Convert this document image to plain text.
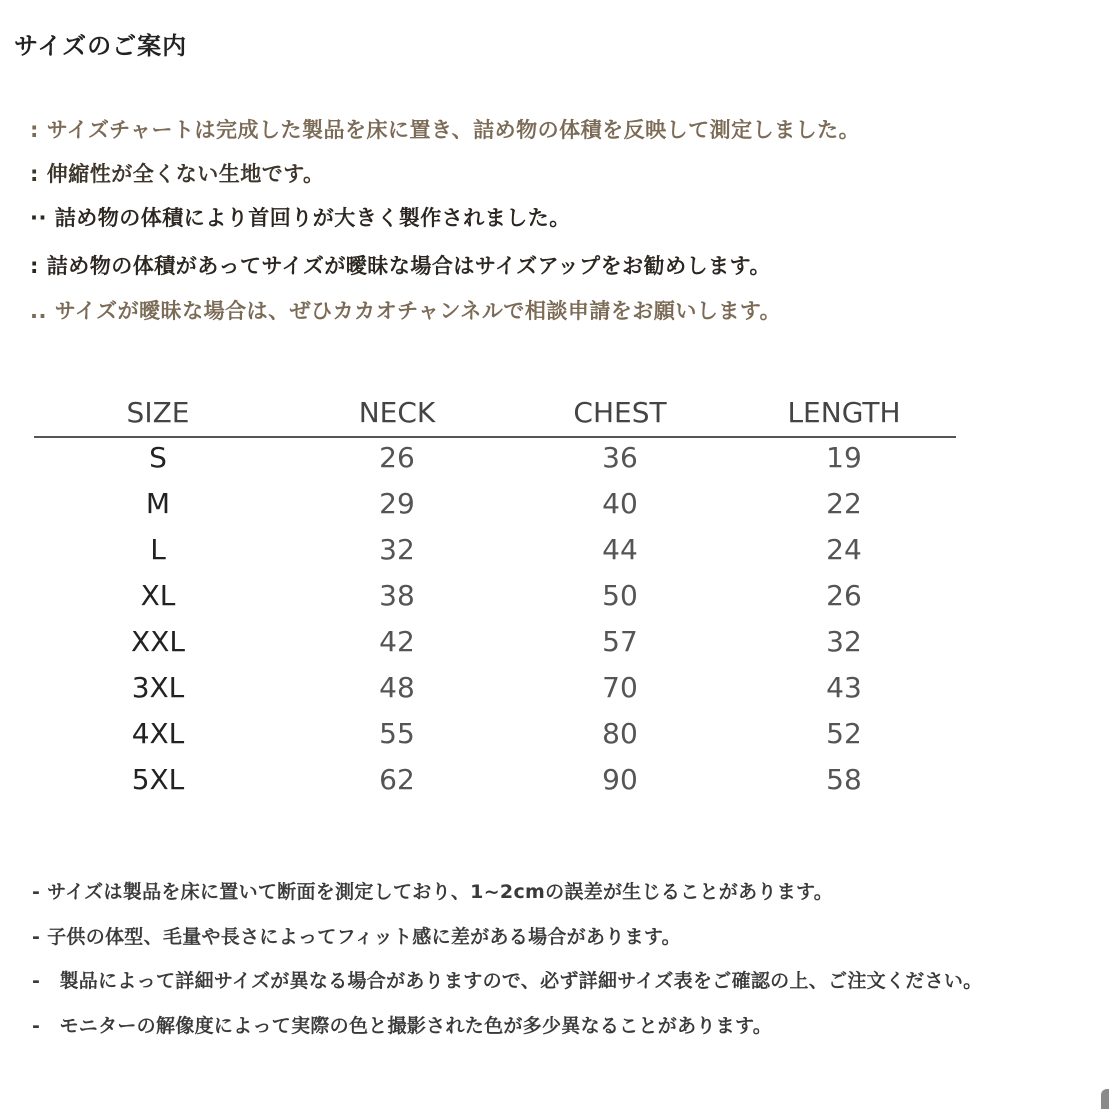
サイズのご案内
: サイズチャートは完成した製品を床に置き、詰め物の体積を反映して測定しました。
: 伸縮性が全くない生地です。
·· 詰め物の体積により首回りが大きく製作されました。
: 詰め物の体積があってサイズが曖昧な場合はサイズアップをお勧めします。
.. サイズが曖昧な場合は、ぜひカカオチャンネルで相談申請をお願いします。
SIZE	NECK	CHEST	LENGTH
S	26	36	19
M	29	40	22
L	32	44	24
XL	38	50	26
XXL	42	57	32
3XL	48	70	43
4XL	55	80	52
5XL	62	90	58
- サイズは製品を床に置いて断面を測定しており、1~2cmの誤差が生じることがあります。
- 子供の体型、毛量や長さによってフィット感に差がある場合があります。
-　製品によって詳細サイズが異なる場合がありますので、必ず詳細サイズ表をご確認の上、ご注文ください。
-　モニターの解像度によって実際の色と撮影された色が多少異なることがあります。
